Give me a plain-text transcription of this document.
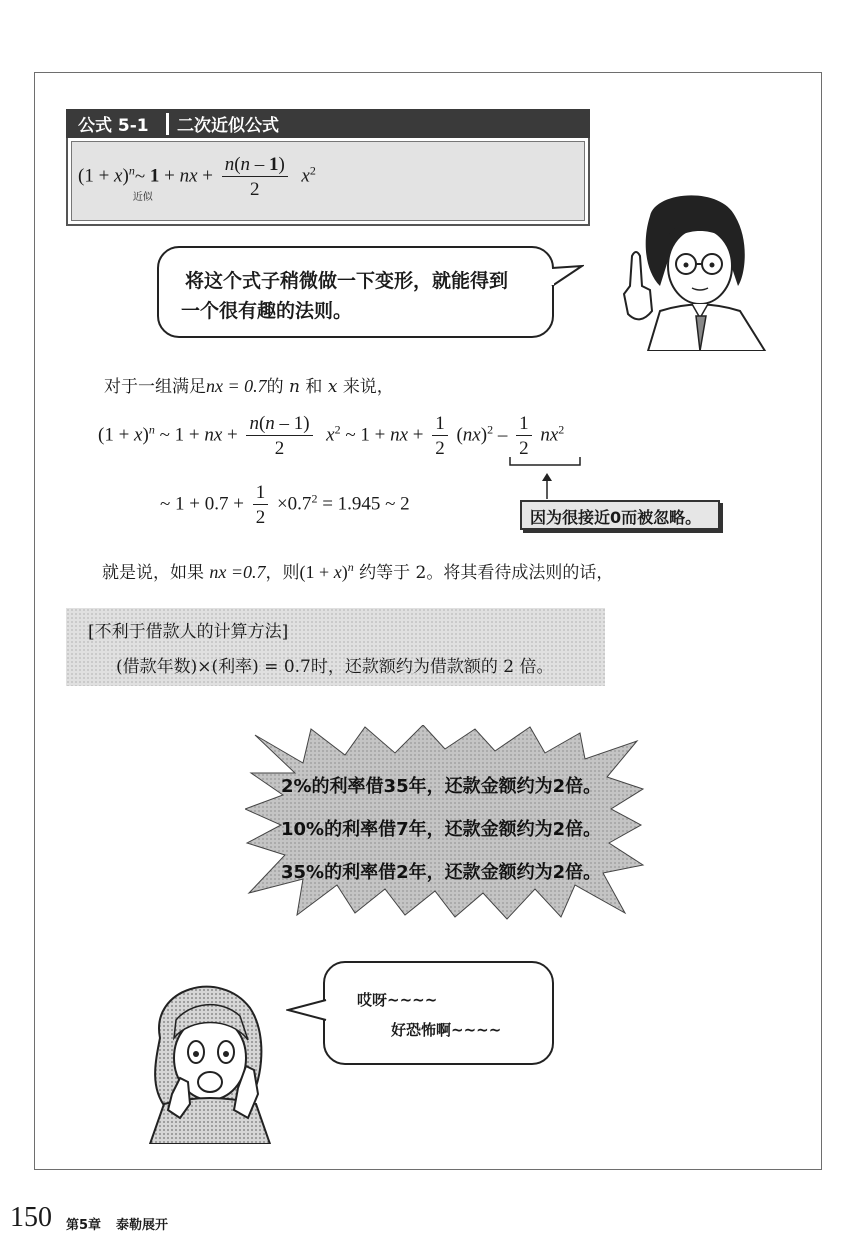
公式 5-1	二次近似公式
$(1 + x)^n\sim$
近似
1 + nx + $\frac{n(n - 1)}{2} x^2$
将这个式子稍微做一下变形，就能得到
一个很有趣的法则。
对于一组满足nx = 0.7的 n 和 x 来说，
$(1 + x)^n$ ~ 1 + nx + $\frac{n(n - 1)}{2} x^2$ ~ 1 + nx + $\frac{1}{2} (nx)^2 - \frac{1}{2} nx^2$
~ $1 + 0.7 + \frac{1}{2} \times 0.7^2 = 1.945$ ~ 2
因为很接近0而被忽略。
就是说，如果 nx =0.7，则$(1 + x)^n$ 约等于 2。将其看待成法则的话，
[不利于借款人的计算方法]
(借款年数)×(利率) = 0.7时，还款额约为借款额的 2 倍。
2%的利率借35年，还款金额约为2倍。
10%的利率借7年，还款金额约为2倍。
35%的利率借2年，还款金额约为2倍。
哎呀~~~~
好恐怖啊~~~~
150 第5章 泰勒展开
